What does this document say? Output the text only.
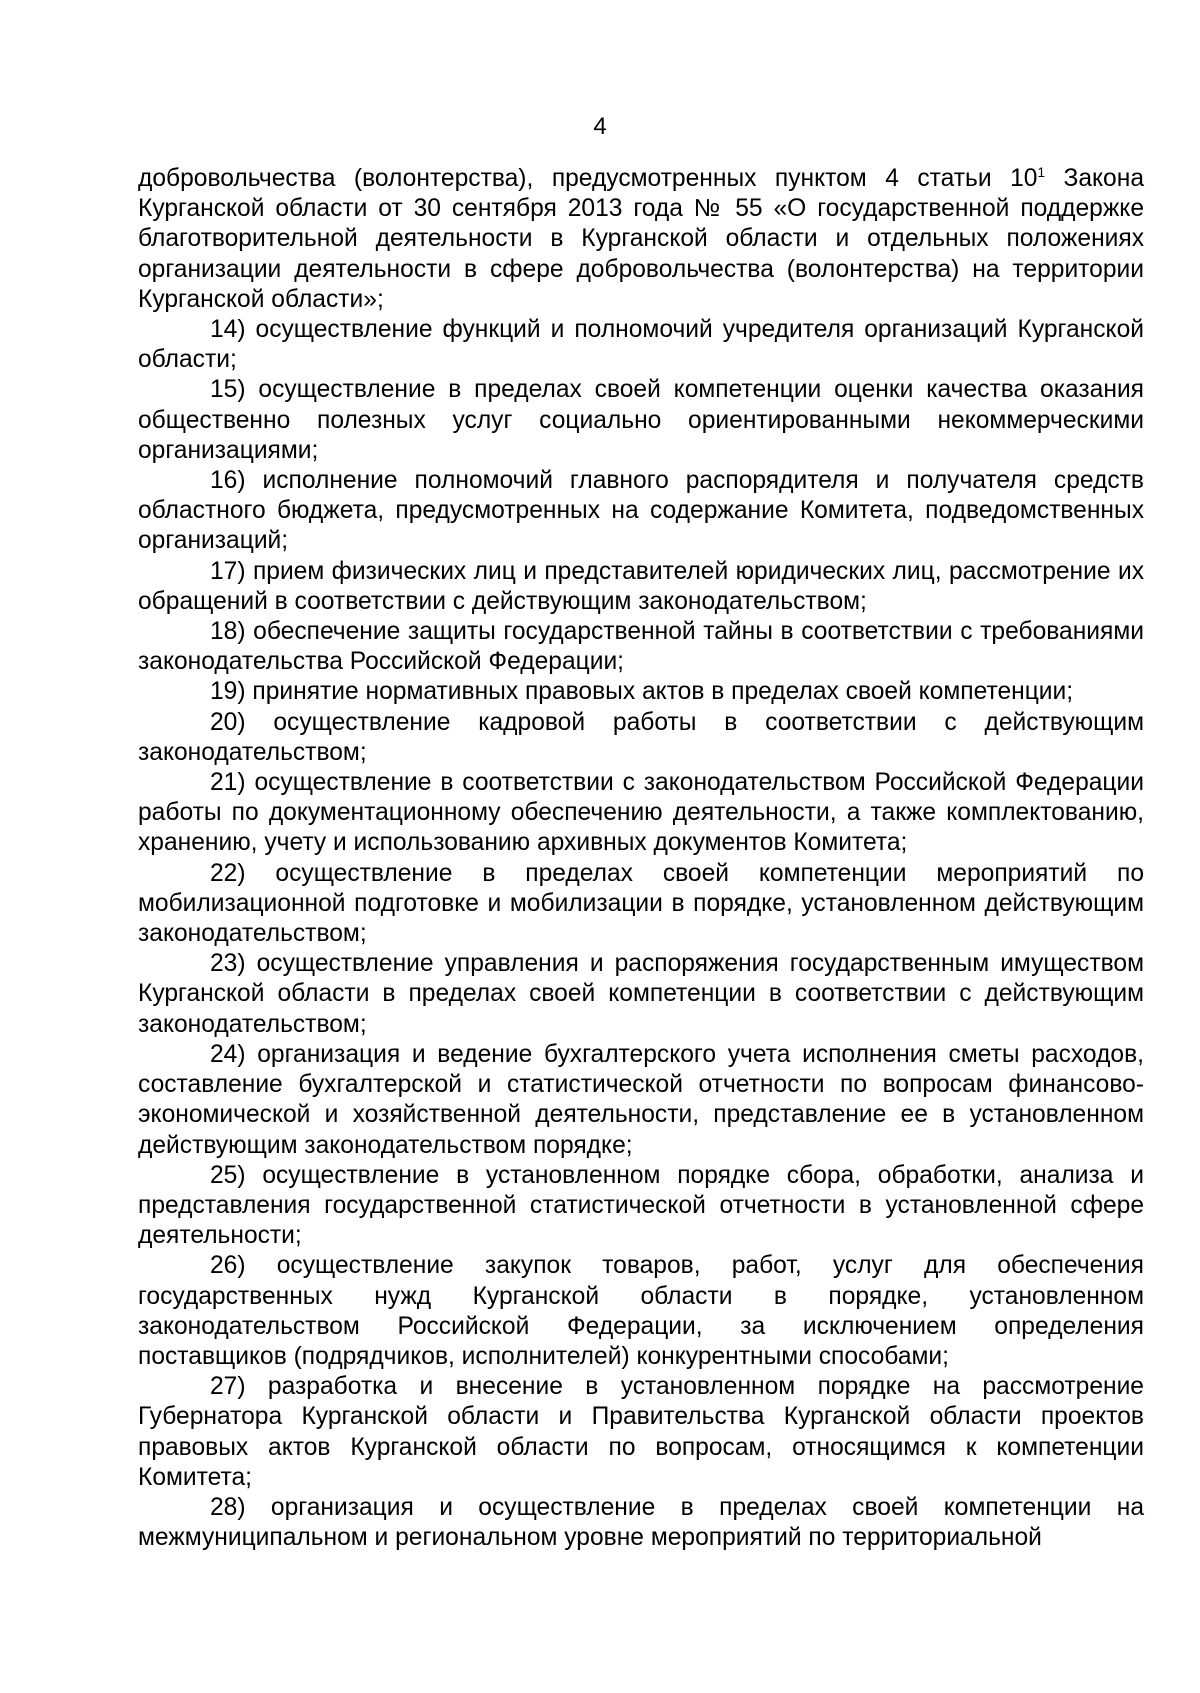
4

добровольчества (волонтерства), предусмотренных пунктом 4 статьи $10^1$ Закона Курганской области от 30 сентября 2013 года № 55 «О государственной поддержке благотворительной деятельности в Курганской области и отдельных положениях организации деятельности в сфере добровольчества (волонтерства) на территории Курганской области»;

14) осуществление функций и полномочий учредителя организаций Курганской области;

15) осуществление в пределах своей компетенции оценки качества оказания общественно полезных услуг социально ориентированными некоммерческими организациями;

16) исполнение полномочий главного распорядителя и получателя средств областного бюджета, предусмотренных на содержание Комитета, подведомственных организаций;

17) прием физических лиц и представителей юридических лиц, рассмотрение их обращений в соответствии с действующим законодательством;

18) обеспечение защиты государственной тайны в соответствии с требованиями законодательства Российской Федерации;

19) принятие нормативных правовых актов в пределах своей компетенции;

20) осуществление кадровой работы в соответствии с действующим законодательством;

21) осуществление в соответствии с законодательством Российской Федерации работы по документационному обеспечению деятельности, а также комплектованию, хранению, учету и использованию архивных документов Комитета;

22) осуществление в пределах своей компетенции мероприятий по мобилизационной подготовке и мобилизации в порядке, установленном действующим законодательством;

23) осуществление управления и распоряжения государственным имуществом Курганской области в пределах своей компетенции в соответствии с действующим законодательством;

24) организация и ведение бухгалтерского учета исполнения сметы расходов, составление бухгалтерской и статистической отчетности по вопросам финансово-экономической и хозяйственной деятельности, представление ее в установленном действующим законодательством порядке;

25) осуществление в установленном порядке сбора, обработки, анализа и представления государственной статистической отчетности в установленной сфере деятельности;

26) осуществление закупок товаров, работ, услуг для обеспечения государственных нужд Курганской области в порядке, установленном законодательством Российской Федерации, за исключением определения поставщиков (подрядчиков, исполнителей) конкурентными способами;

27) разработка и внесение в установленном порядке на рассмотрение Губернатора Курганской области и Правительства Курганской области проектов правовых актов Курганской области по вопросам, относящимся к компетенции Комитета;

28) организация и осуществление в пределах своей компетенции на межмуниципальном и региональном уровне мероприятий по территориальной
